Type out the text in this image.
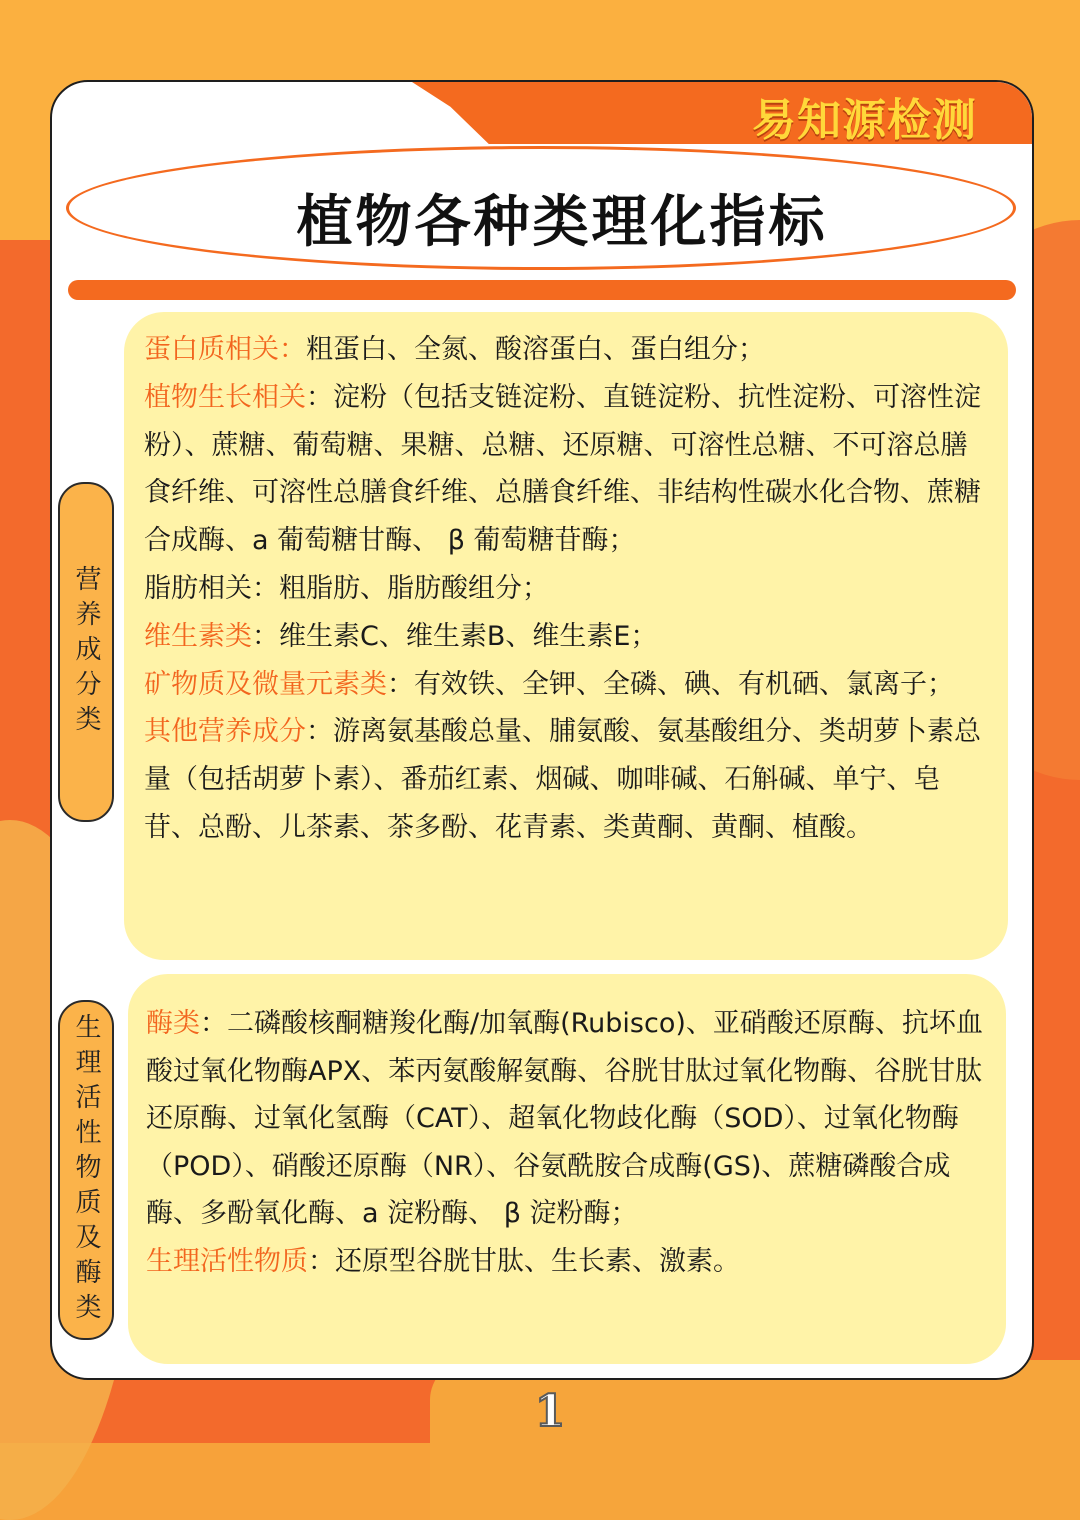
易知源检测
植物各种类理化指标
营养成分类

蛋白质相关：粗蛋白、全氮、酸溶蛋白、蛋白组分；

植物生长相关：淀粉（包括支链淀粉、直链淀粉、抗性淀粉、可溶性淀粉）、蔗糖、葡萄糖、果糖、总糖、还原糖、可溶性总糖、不可溶总膳食纤维、可溶性总膳食纤维、总膳食纤维、非结构性碳水化合物、蔗糖合成酶、a 葡萄糖甘酶、 β 葡萄糖苷酶；

脂肪相关：粗脂肪、脂肪酸组分；

维生素类：维生素C、维生素B、维生素E；

矿物质及微量元素类：有效铁、全钾、全磷、碘、有机硒、氯离子；

其他营养成分：游离氨基酸总量、脯氨酸、氨基酸组分、类胡萝卜素总量（包括胡萝卜素）、番茄红素、烟碱、咖啡碱、石斛碱、单宁、皂苷、总酚、儿茶素、茶多酚、花青素、类黄酮、黄酮、植酸。

生理活性物质及酶类 酶类：二磷酸核酮糖羧化酶/加氧酶(Rubisco)、亚硝酸还原酶、抗坏血酸过氧化物酶APX、苯丙氨酸解氨酶、谷胱甘肽过氧化物酶、谷胱甘肽还原酶、过氧化氢酶（CAT）、超氧化物歧化酶（SOD）、过氧化物酶（POD）、硝酸还原酶（NR）、谷氨酰胺合成酶(GS)、蔗糖磷酸合成酶、多酚氧化酶、a 淀粉酶、 β 淀粉酶；

生理活性物质：还原型谷胱甘肽、生长素、激素。

1
